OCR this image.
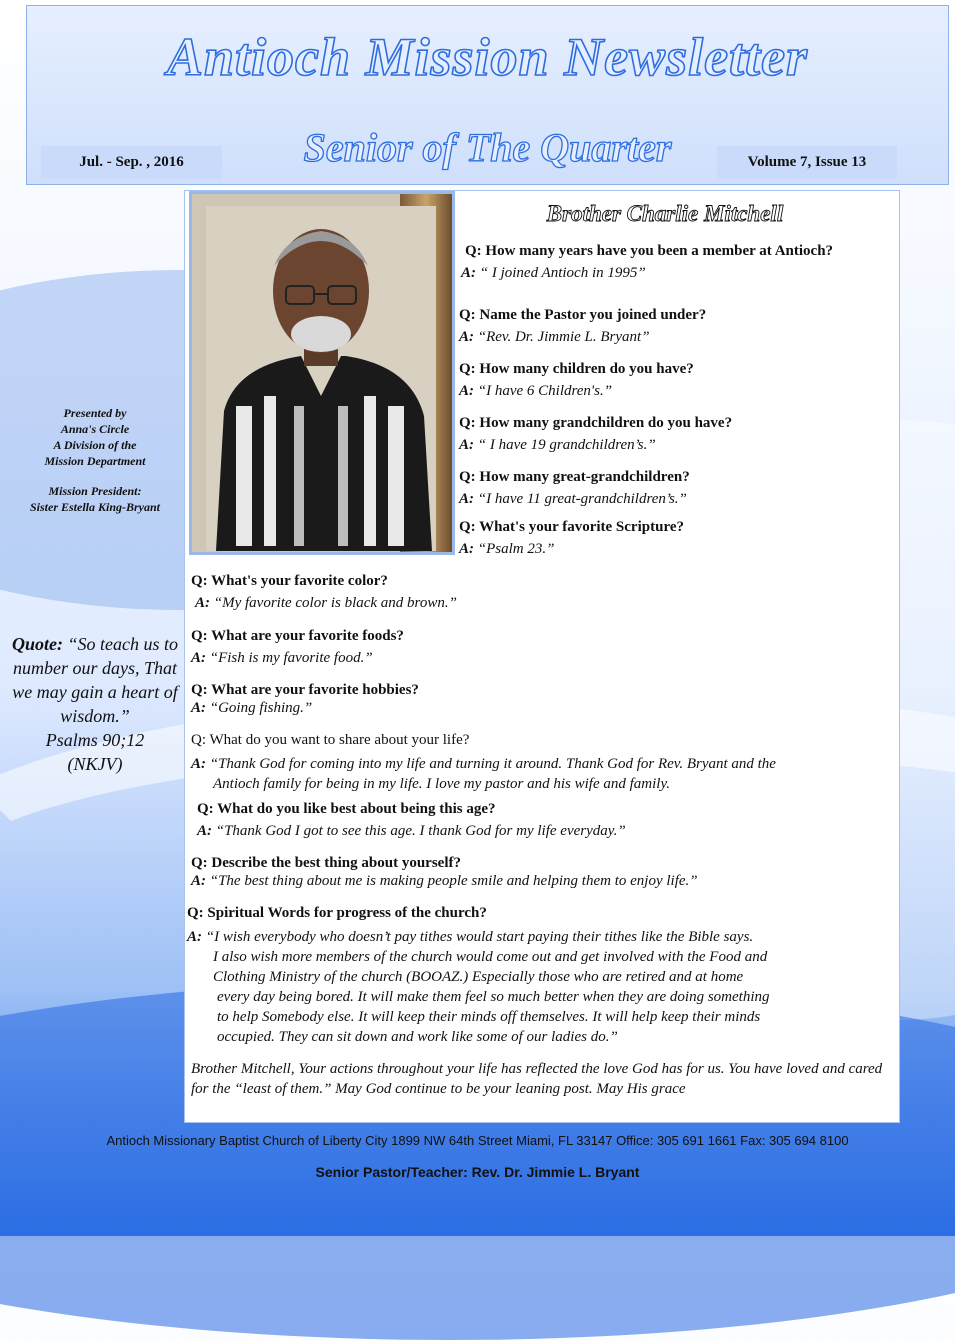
Antioch Mission Newsletter
Jul. - Sep. , 2016	Senior of The Quarter	Volume 7, Issue 13

Presented by

Anna's Circle

A Division of the

Mission Department

Mission President:

Sister Estella King-Bryant

Quote: “So teach us to number our days, That we may gain a heart of wisdom.”
Psalms 90;12
(NKJV)
Brother Charlie Mitchell
Q: How many years have you been a member at Antioch?
A: “ I joined Antioch in 1995”
Q: Name the Pastor you joined under?
A: “Rev. Dr. Jimmie L. Bryant”
Q: How many children do you have?
A: “I have 6 Children's.”
Q: How many grandchildren do you have?
A: “ I have 19 grandchildren’s.”
Q: How many great-grandchildren?
A: “I have 11 great-grandchildren’s.”
Q: What's your favorite Scripture?
A: “Psalm 23.”
Q: What's your favorite color?
A: “My favorite color is black and brown.”
Q: What are your favorite foods?
A: “Fish is my favorite food.”
Q: What are your favorite hobbies?
A: “Going fishing.”
Q: What do you want to share about your life?
A: “Thank God for coming into my life and turning it around. Thank God for Rev. Bryant and the
Antioch family for being in my life. I love my pastor and his wife and family.
Q: What do you like best about being this age?
A: “Thank God I got to see this age. I thank God for my life everyday.”
Q: Describe the best thing about yourself?
A: “The best thing about me is making people smile and helping them to enjoy life.”
Q: Spiritual Words for progress of the church?
A: “I wish everybody who doesn’t pay tithes would start paying their tithes like the Bible says.
I also wish more members of the church would come out and get involved with the Food and
Clothing Ministry of the church (BOOAZ.) Especially those who are retired and at home
every day being bored. It will make them feel so much better when they are doing something
to help Somebody else. It will keep their minds off themselves. It will help keep their minds
occupied. They can sit down and work like some of our ladies do.”
Brother Mitchell, Your actions throughout your life has reflected the love God has for us. You have loved and cared for the “least of them.” May God continue to be your leaning post. May His grace
Antioch Missionary Baptist Church of Liberty City 1899 NW 64th Street Miami, FL 33147 Office: 305 691 1661 Fax: 305 694 8100
Senior Pastor/Teacher: Rev. Dr. Jimmie L. Bryant
